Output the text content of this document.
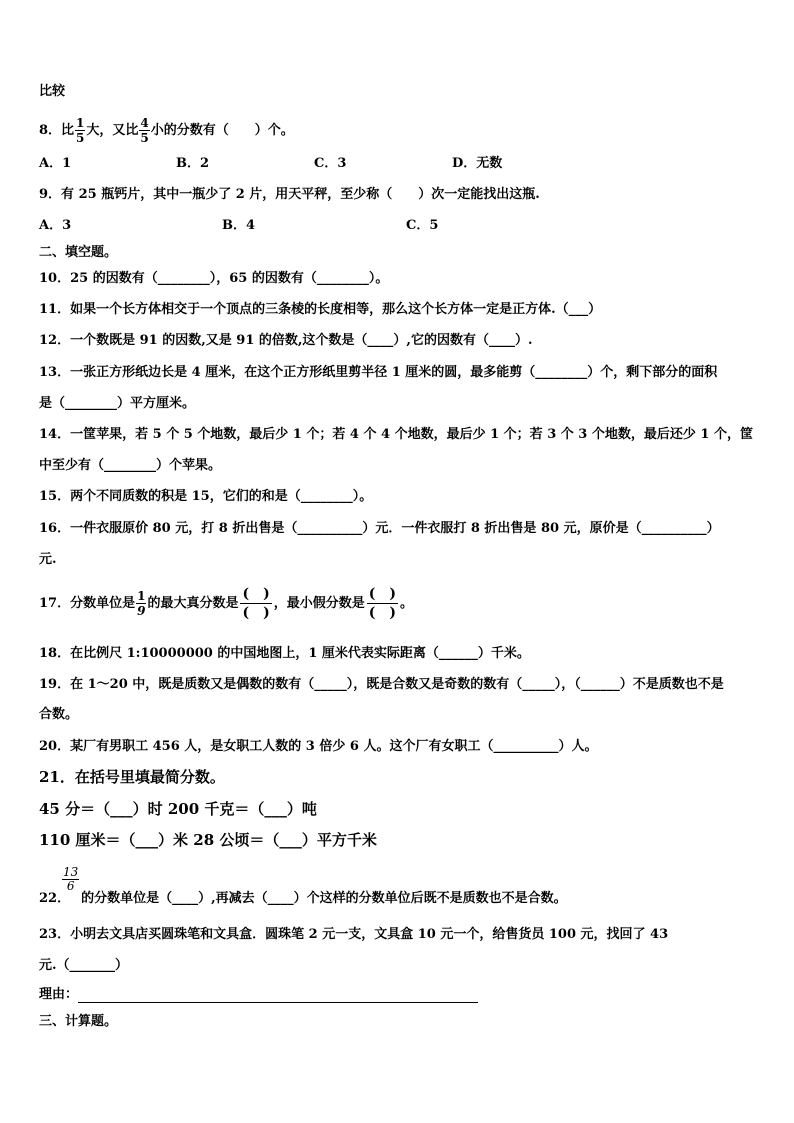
比较
8．比 $\frac{1}{5}$ 大，又比 $\frac{4}{5}$ 小的分数有（　　）个。
A．1	B．2	C．3	D．无数
9．有 25 瓶钙片，其中一瓶少了 2 片，用天平秤，至少称（　　）次一定能找出这瓶.
A．3	B．4	C．5
二、填空题。
10．25 的因数有（________），65 的因数有（________）。
11．如果一个长方体相交于一个顶点的三条棱的长度相等，那么这个长方体一定是正方体.（___）
12．一个数既是 91 的因数,又是 91 的倍数,这个数是（____）,它的因数有（____）.
13．一张正方形纸边长是 4 厘米，在这个正方形纸里剪半径 1 厘米的圆，最多能剪（________）个，剩下部分的面积
是（________）平方厘米。
14．一筐苹果，若 5 个 5 个地数，最后少 1 个；若 4 个 4 个地数，最后少 1 个；若 3 个 3 个地数，最后还少 1 个，筐
中至少有（________）个苹果。
15．两个不同质数的积是 15，它们的和是（________）。
16．一件衣服原价 80 元，打 8 折出售是（__________）元．一件衣服打 8 折出售是 80 元，原价是（__________）
元.
17．分数单位是 $\frac{1}{9}$ 的最大真分数是
(　)
(　)
，最小假分数是
(　)
(　)
。
18．在比例尺 1:10000000 的中国地图上，1 厘米代表实际距离（______）千米。
19．在 1～20 中，既是质数又是偶数的数有（_____），既是合数又是奇数的数有（_____），（______）不是质数也不是
合数。
20．某厂有男职工 456 人，是女职工人数的 3 倍少 6 人。这个厂有女职工（__________）人。
21．在括号里填最简分数。
45 分＝（___）时 200 千克＝（___）吨
110 厘米＝（___）米 28 公顷＝（___）平方千米
$\frac{13}{6}$
22．　 的分数单位是（____）,再减去（____）个这样的分数单位后既不是质数也不是合数。
23．小明去文具店买圆珠笔和文具盒．圆珠笔 2 元一支，文具盒 10 元一个，给售货员 100 元，找回了 43
元.（_______）
理由：
三、计算题。
